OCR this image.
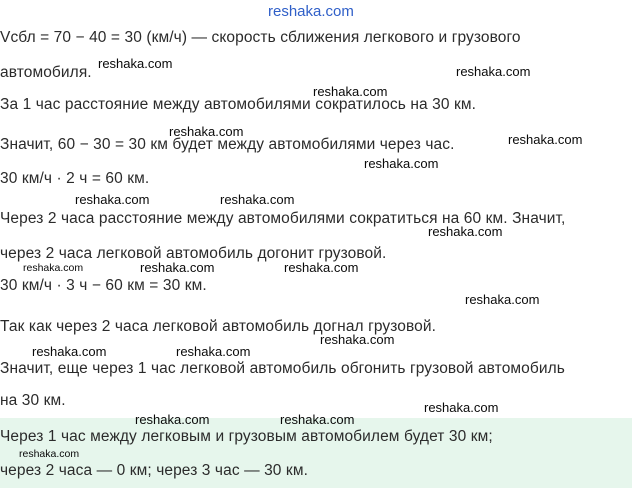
Vсбл = 70 − 40 = 30 (км/ч) — скорость сближения легкового и грузового
автомобиля.
За 1 час расстояние между автомобилями сократилось на 30 км.
Значит, 60 − 30 = 30 км будет между автомобилями через час.
30 км/ч · 2 ч = 60 км.
Через 2 часа расстояние между автомобилями сократиться на 60 км. Значит,
через 2 часа легковой автомобиль догонит грузовой.
30 км/ч · 3 ч − 60 км = 30 км.
Так как через 2 часа легковой автомобиль догнал грузовой.
Значит, еще через 1 час легковой автомобиль обгонить грузовой автомобиль
на 30 км.
Через 1 час между легковым и грузовым автомобилем будет 30 км;
через 2 часа — 0 км; через 3 час — 30 км.
reshaka.com
reshaka.com
reshaka.com
reshaka.com
reshaka.com
reshaka.com
reshaka.com
reshaka.com	reshaka.com
reshaka.com
reshaka.com	reshaka.com	reshaka.com
reshaka.com
reshaka.com
reshaka.com	reshaka.com
reshaka.com
reshaka.com	reshaka.com
reshaka.com
